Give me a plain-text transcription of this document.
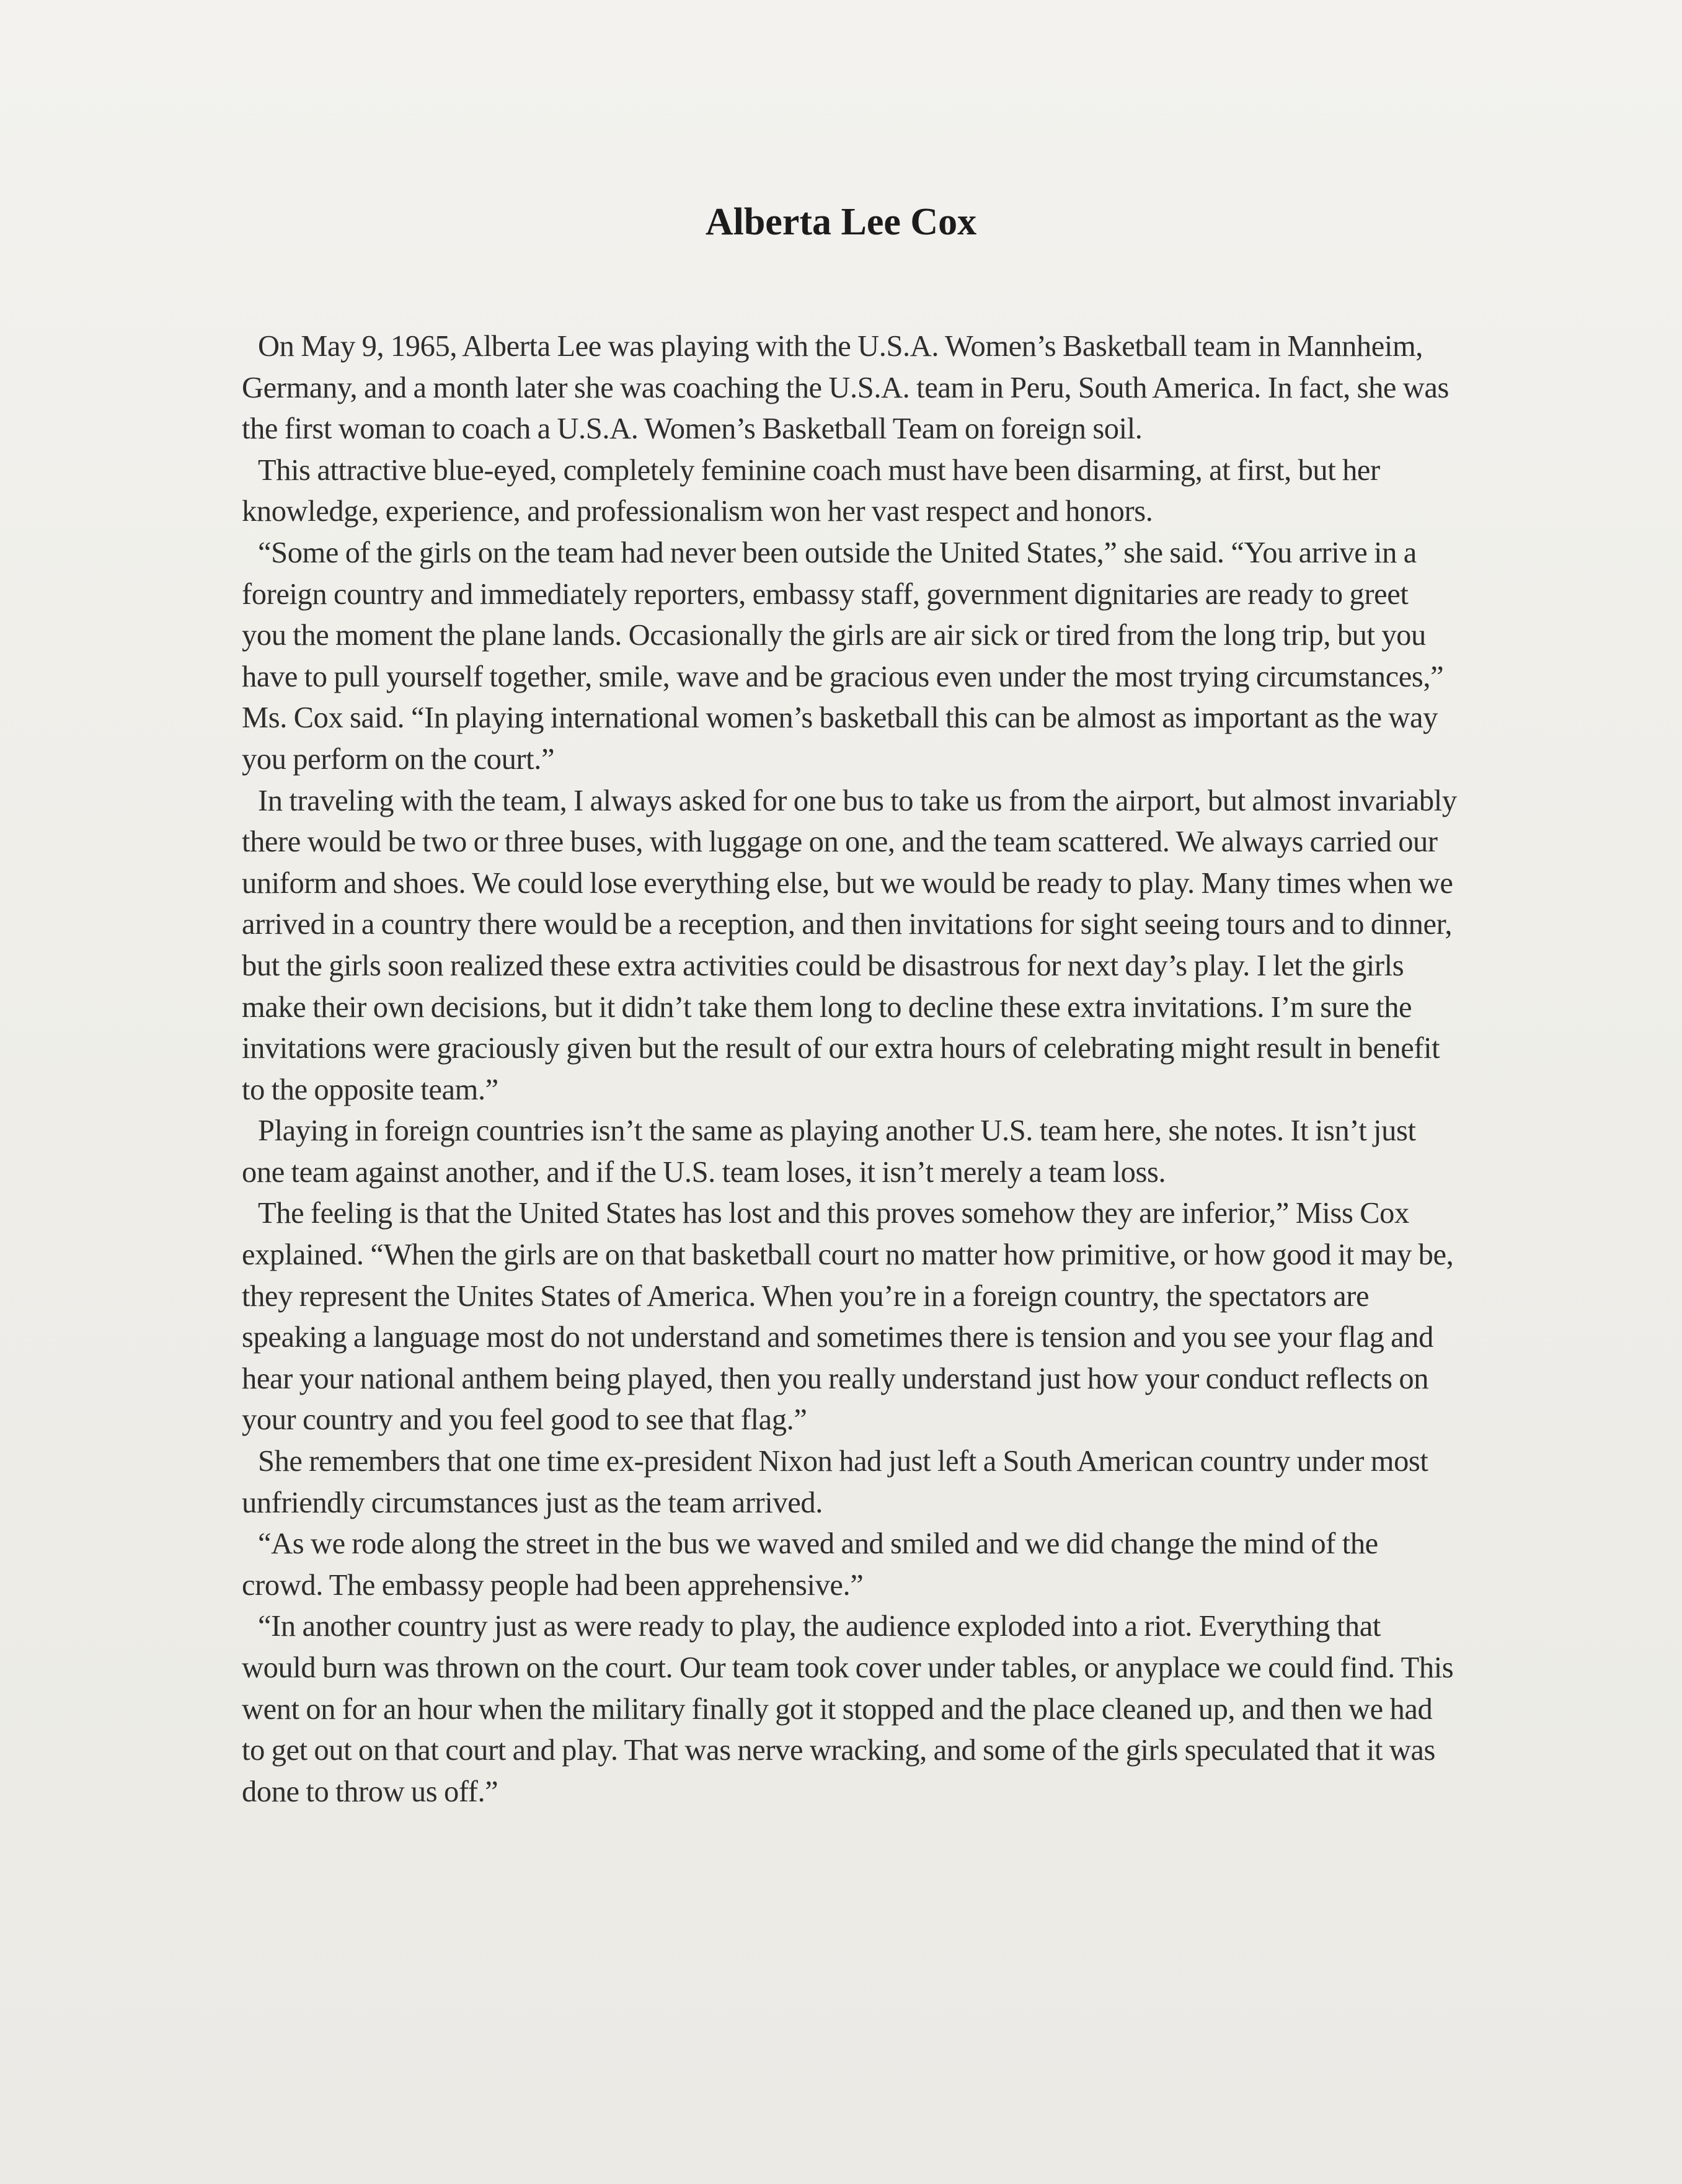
Alberta Lee Cox

On May 9, 1965, Alberta Lee was playing with the U.S.A. Women’s Basketball team in Mannheim, Germany, and a month later she was coaching the U.S.A. team in Peru, South America. In fact, she was the first woman to coach a U.S.A. Women’s Basketball Team on foreign soil.

This attractive blue-eyed, completely feminine coach must have been disarming, at first, but her knowledge, experience, and professionalism won her vast respect and honors.

“Some of the girls on the team had never been outside the United States,” she said. “You arrive in a foreign country and immediately reporters, embassy staff, government dignitaries are ready to greet you the moment the plane lands. Occasionally the girls are air sick or tired from the long trip, but you have to pull yourself together, smile, wave and be gracious even under the most trying circumstances,” Ms. Cox said. “In playing international women’s basketball this can be almost as important as the way you perform on the court.”

In traveling with the team, I always asked for one bus to take us from the airport, but almost invariably there would be two or three buses, with luggage on one, and the team scattered. We always carried our uniform and shoes. We could lose everything else, but we would be ready to play. Many times when we arrived in a country there would be a reception, and then invitations for sight seeing tours and to dinner, but the girls soon realized these extra activities could be disastrous for next day’s play. I let the girls make their own decisions, but it didn’t take them long to decline these extra invitations. I’m sure the invitations were graciously given but the result of our extra hours of celebrating might result in benefit to the opposite team.”

Playing in foreign countries isn’t the same as playing another U.S. team here, she notes. It isn’t just one team against another, and if the U.S. team loses, it isn’t merely a team loss.

The feeling is that the United States has lost and this proves somehow they are inferior,” Miss Cox explained. “When the girls are on that basketball court no matter how primitive, or how good it may be, they represent the Unites States of America. When you’re in a foreign country, the spectators are speaking a language most do not understand and sometimes there is tension and you see your flag and hear your national anthem being played, then you really understand just how your conduct reflects on your country and you feel good to see that flag.”

She remembers that one time ex-president Nixon had just left a South American country under most unfriendly circumstances just as the team arrived.

“As we rode along the street in the bus we waved and smiled and we did change the mind of the crowd. The embassy people had been apprehensive.”

“In another country just as were ready to play, the audience exploded into a riot. Everything that would burn was thrown on the court. Our team took cover under tables, or anyplace we could find. This went on for an hour when the military finally got it stopped and the place cleaned up, and then we had to get out on that court and play. That was nerve wracking, and some of the girls speculated that it was done to throw us off.”
